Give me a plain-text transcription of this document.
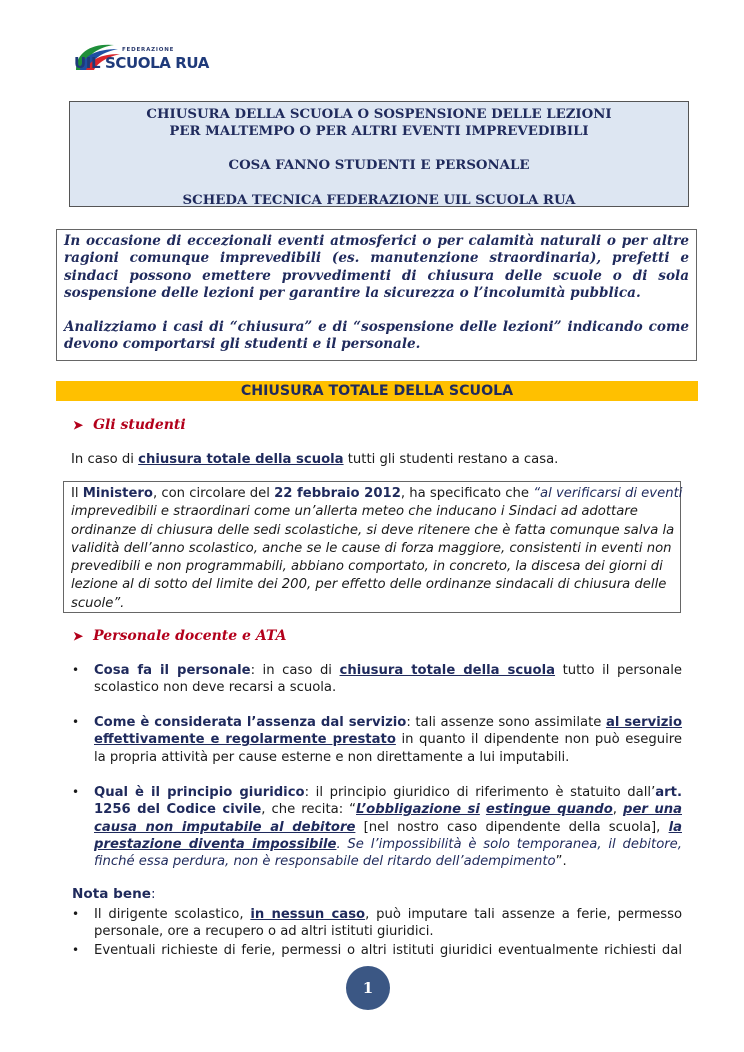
FEDERAZIONE
UIL SCUOLA RUA

CHIUSURA DELLA SCUOLA O SOSPENSIONE DELLE LEZIONI

PER MALTEMPO O PER ALTRI EVENTI IMPREVEDIBILI

COSA FANNO STUDENTI E PERSONALE

SCHEDA TECNICA FEDERAZIONE UIL SCUOLA RUA

In occasione di eccezionali eventi atmosferici o per calamità naturali o per altre ragioni comunque imprevedibili (es. manutenzione straordinaria), prefetti e sindaci possono emettere provvedimenti di chiusura delle scuole o di sola sospensione delle lezioni per garantire la sicurezza o l’incolumità pubblica.

Analizziamo i casi di “chiusura” e di “sospensione delle lezioni” indicando come devono comportarsi gli studenti e il personale.

CHIUSURA TOTALE DELLA SCUOLA
➤ Gli studenti
In caso di chiusura totale della scuola tutti gli studenti restano a casa.
Il Ministero, con circolare del 22 febbraio 2012, ha specificato che “al verificarsi di eventi
imprevedibili e straordinari come un’allerta meteo che inducano i Sindaci ad adottare
ordinanze di chiusura delle sedi scolastiche, si deve ritenere che è fatta comunque salva la
validità dell’anno scolastico, anche se le cause di forza maggiore, consistenti in eventi non
prevedibili e non programmabili, abbiano comportato, in concreto, la discesa dei giorni di
lezione al di sotto del limite dei 200, per effetto delle ordinanze sindacali di chiusura delle
scuole”.
➤ Personale docente e ATA
• Cosa fa il personale: in caso di chiusura totale della scuola tutto il personale
scolastico non deve recarsi a scuola.
• Come è considerata l’assenza dal servizio: tali assenze sono assimilate al servizio
effettivamente e regolarmente prestato in quanto il dipendente non può eseguire
la propria attività per cause esterne e non direttamente a lui imputabili.
• Qual è il principio giuridico: il principio giuridico di riferimento è statuito dall’art.
1256 del Codice civile, che recita: “L’obbligazione si estingue quando, per una
causa non imputabile al debitore [nel nostro caso dipendente della scuola], la
prestazione diventa impossibile. Se l’impossibilità è solo temporanea, il debitore,
finché essa perdura, non è responsabile del ritardo dell’adempimento”.
Nota bene:
• Il dirigente scolastico, in nessun caso, può imputare tali assenze a ferie, permesso
personale, ore a recupero o ad altri istituti giuridici.
• Eventuali richieste di ferie, permessi o altri istituti giuridici eventualmente richiesti dal
1
